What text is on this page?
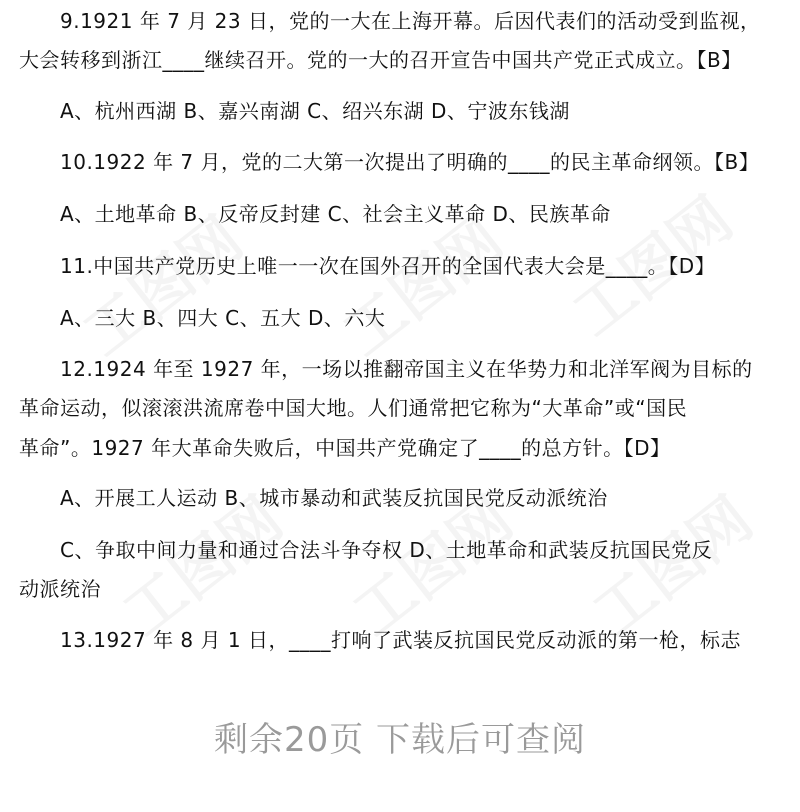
9.1921 年 7 月 23 日，党的一大在上海开幕。后因代表们的活动受到监视，
大会转移到浙江____继续召开。党的一大的召开宣告中国共产党正式成立。【B】
A、杭州西湖 B、嘉兴南湖 C、绍兴东湖 D、宁波东钱湖
10.1922 年 7 月，党的二大第一次提出了明确的____的民主革命纲领。【B】
A、土地革命 B、反帝反封建 C、社会主义革命 D、民族革命
11.中国共产党历史上唯一一次在国外召开的全国代表大会是____。【D】
A、三大 B、四大 C、五大 D、六大
12.1924 年至 1927 年，一场以推翻帝国主义在华势力和北洋军阀为目标的
革命运动，似滚滚洪流席卷中国大地。人们通常把它称为“大革命”或“国民
革命”。1927 年大革命失败后，中国共产党确定了____的总方针。【D】
A、开展工人运动 B、城市暴动和武装反抗国民党反动派统治
C、争取中间力量和通过合法斗争夺权 D、土地革命和武装反抗国民党反
动派统治
13.1927 年 8 月 1 日，____打响了武装反抗国民党反动派的第一枪，标志
剩余20页 下载后可查阅
